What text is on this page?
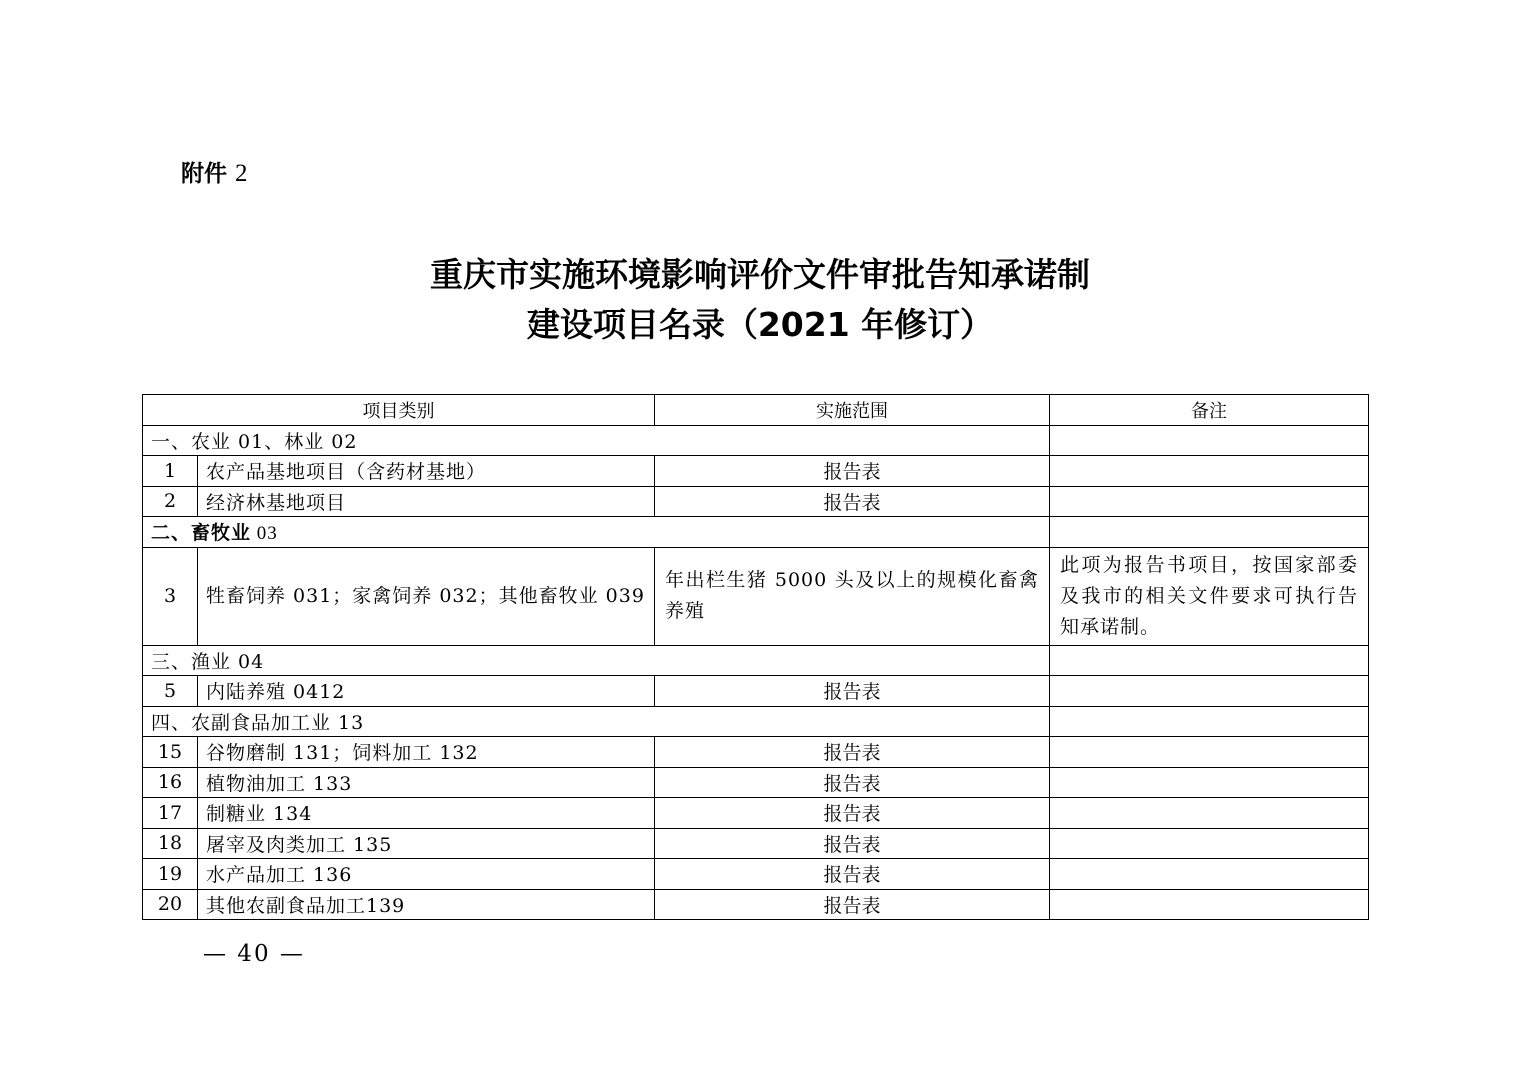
附件 2
重庆市实施环境影响评价文件审批告知承诺制
建设项目名录（2021 年修订）
项目类别		实施范围	备注
一、农业 01、林业 02			
1	农产品基地项目（含药材基地）	报告表	
2	经济林基地项目	报告表	
二、畜牧业 03			
3	牲畜饲养 031；家禽饲养 032；其他畜牧业 039	年出栏生猪 5000 头及以上的规模化畜禽养殖	此项为报告书项目，按国家部委及我市的相关文件要求可执行告知承诺制。
三、渔业 04			
5	内陆养殖 0412	报告表	
四、农副食品加工业 13			
15	谷物磨制 131；饲料加工 132	报告表	
16	植物油加工 133	报告表	
17	制糖业 134	报告表	
18	屠宰及肉类加工 135	报告表	
19	水产品加工 136	报告表	
20	其他农副食品加工139	报告表	
— 40 —
